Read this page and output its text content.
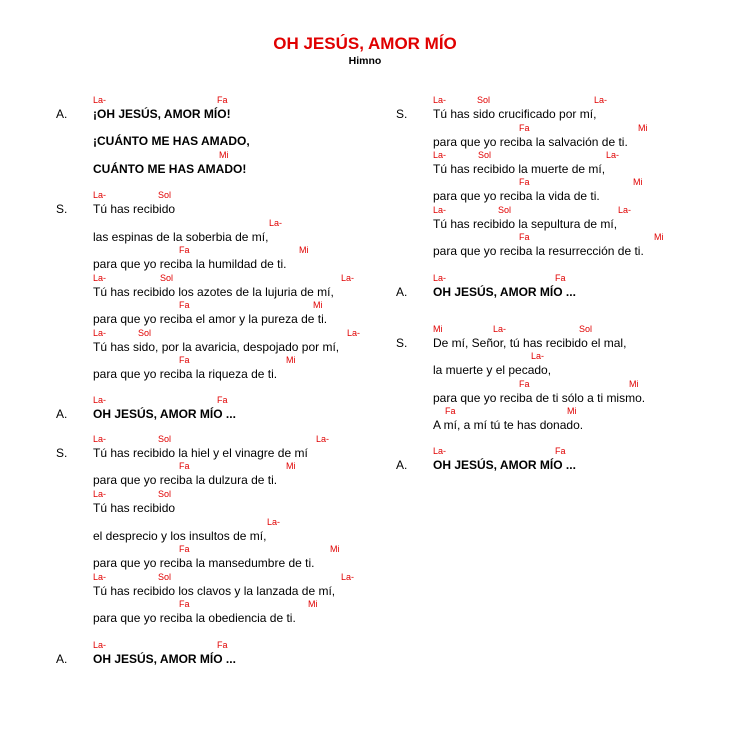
OH JESÚS, AMOR MÍO
Himno
A.
La-	Fa
¡OH JESÚS, AMOR MÍO!
¡CUÁNTO ME HAS AMADO,
Mi
CUÁNTO ME HAS AMADO!
S.
La-	Sol
Tú has recibido
La-
las espinas de la soberbia de mí,
Fa	Mi
para que yo reciba la humildad de ti.
La-	Sol	La-
Tú has recibido los azotes de la lujuria de mí,
Fa	Mi
para que yo reciba el amor y la pureza de ti.
La-	Sol	La-
Tú has sido, por la avaricia, despojado por mí,
Fa	Mi
para que yo reciba la riqueza de ti.
A.
La-	Fa
OH JESÚS, AMOR MÍO ...
S.
La-	Sol	La-
Tú has recibido la hiel y el vinagre de mí
Fa	Mi
para que yo reciba la dulzura de ti.
La-	Sol
Tú has recibido
La-
el desprecio y los insultos de mí,
Fa	Mi
para que yo reciba la mansedumbre de ti.
La-	Sol	La-
Tú has recibido los clavos y la lanzada de mí,
Fa	Mi
para que yo reciba la obediencia de ti.
A.
La-	Fa
OH JESÚS, AMOR MÍO ...
S.
La-	Sol	La-
Tú has sido crucificado por mí,
Fa	Mi
para que yo reciba la salvación de ti.
La-	Sol	La-
Tú has recibido la muerte de mí,
Fa	Mi
para que yo reciba la vida de ti.
La-	Sol	La-
Tú has recibido la sepultura de mí,
Fa	Mi
para que yo reciba la resurrección de ti.
A.
La-	Fa
OH JESÚS, AMOR MÍO ...
S.
Mi	La-	Sol
De mí, Señor, tú has recibido el mal,
La-
la muerte y el pecado,
Fa	Mi
para que yo reciba de ti sólo a ti mismo.
Fa	Mi
A mí, a mí tú te has donado.
A.
La-	Fa
OH JESÚS, AMOR MÍO ...
